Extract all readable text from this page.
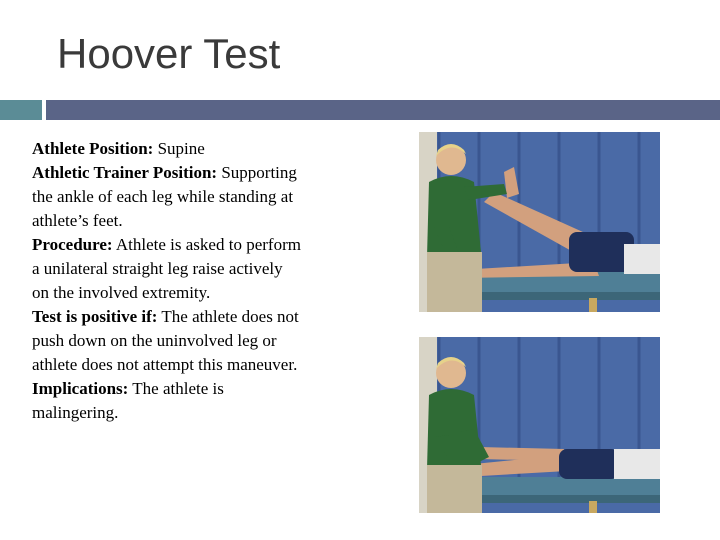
Hoover Test

Athlete Position: Supine

Athletic Trainer Position: Supporting the ankle of each leg while standing at athlete’s feet.

Procedure: Athlete is asked to perform a unilateral straight leg raise actively on the involved extremity.

Test is positive if: The athlete does not push down on the uninvolved leg or athlete does not attempt this maneuver.

Implications: The athlete is malingering.
